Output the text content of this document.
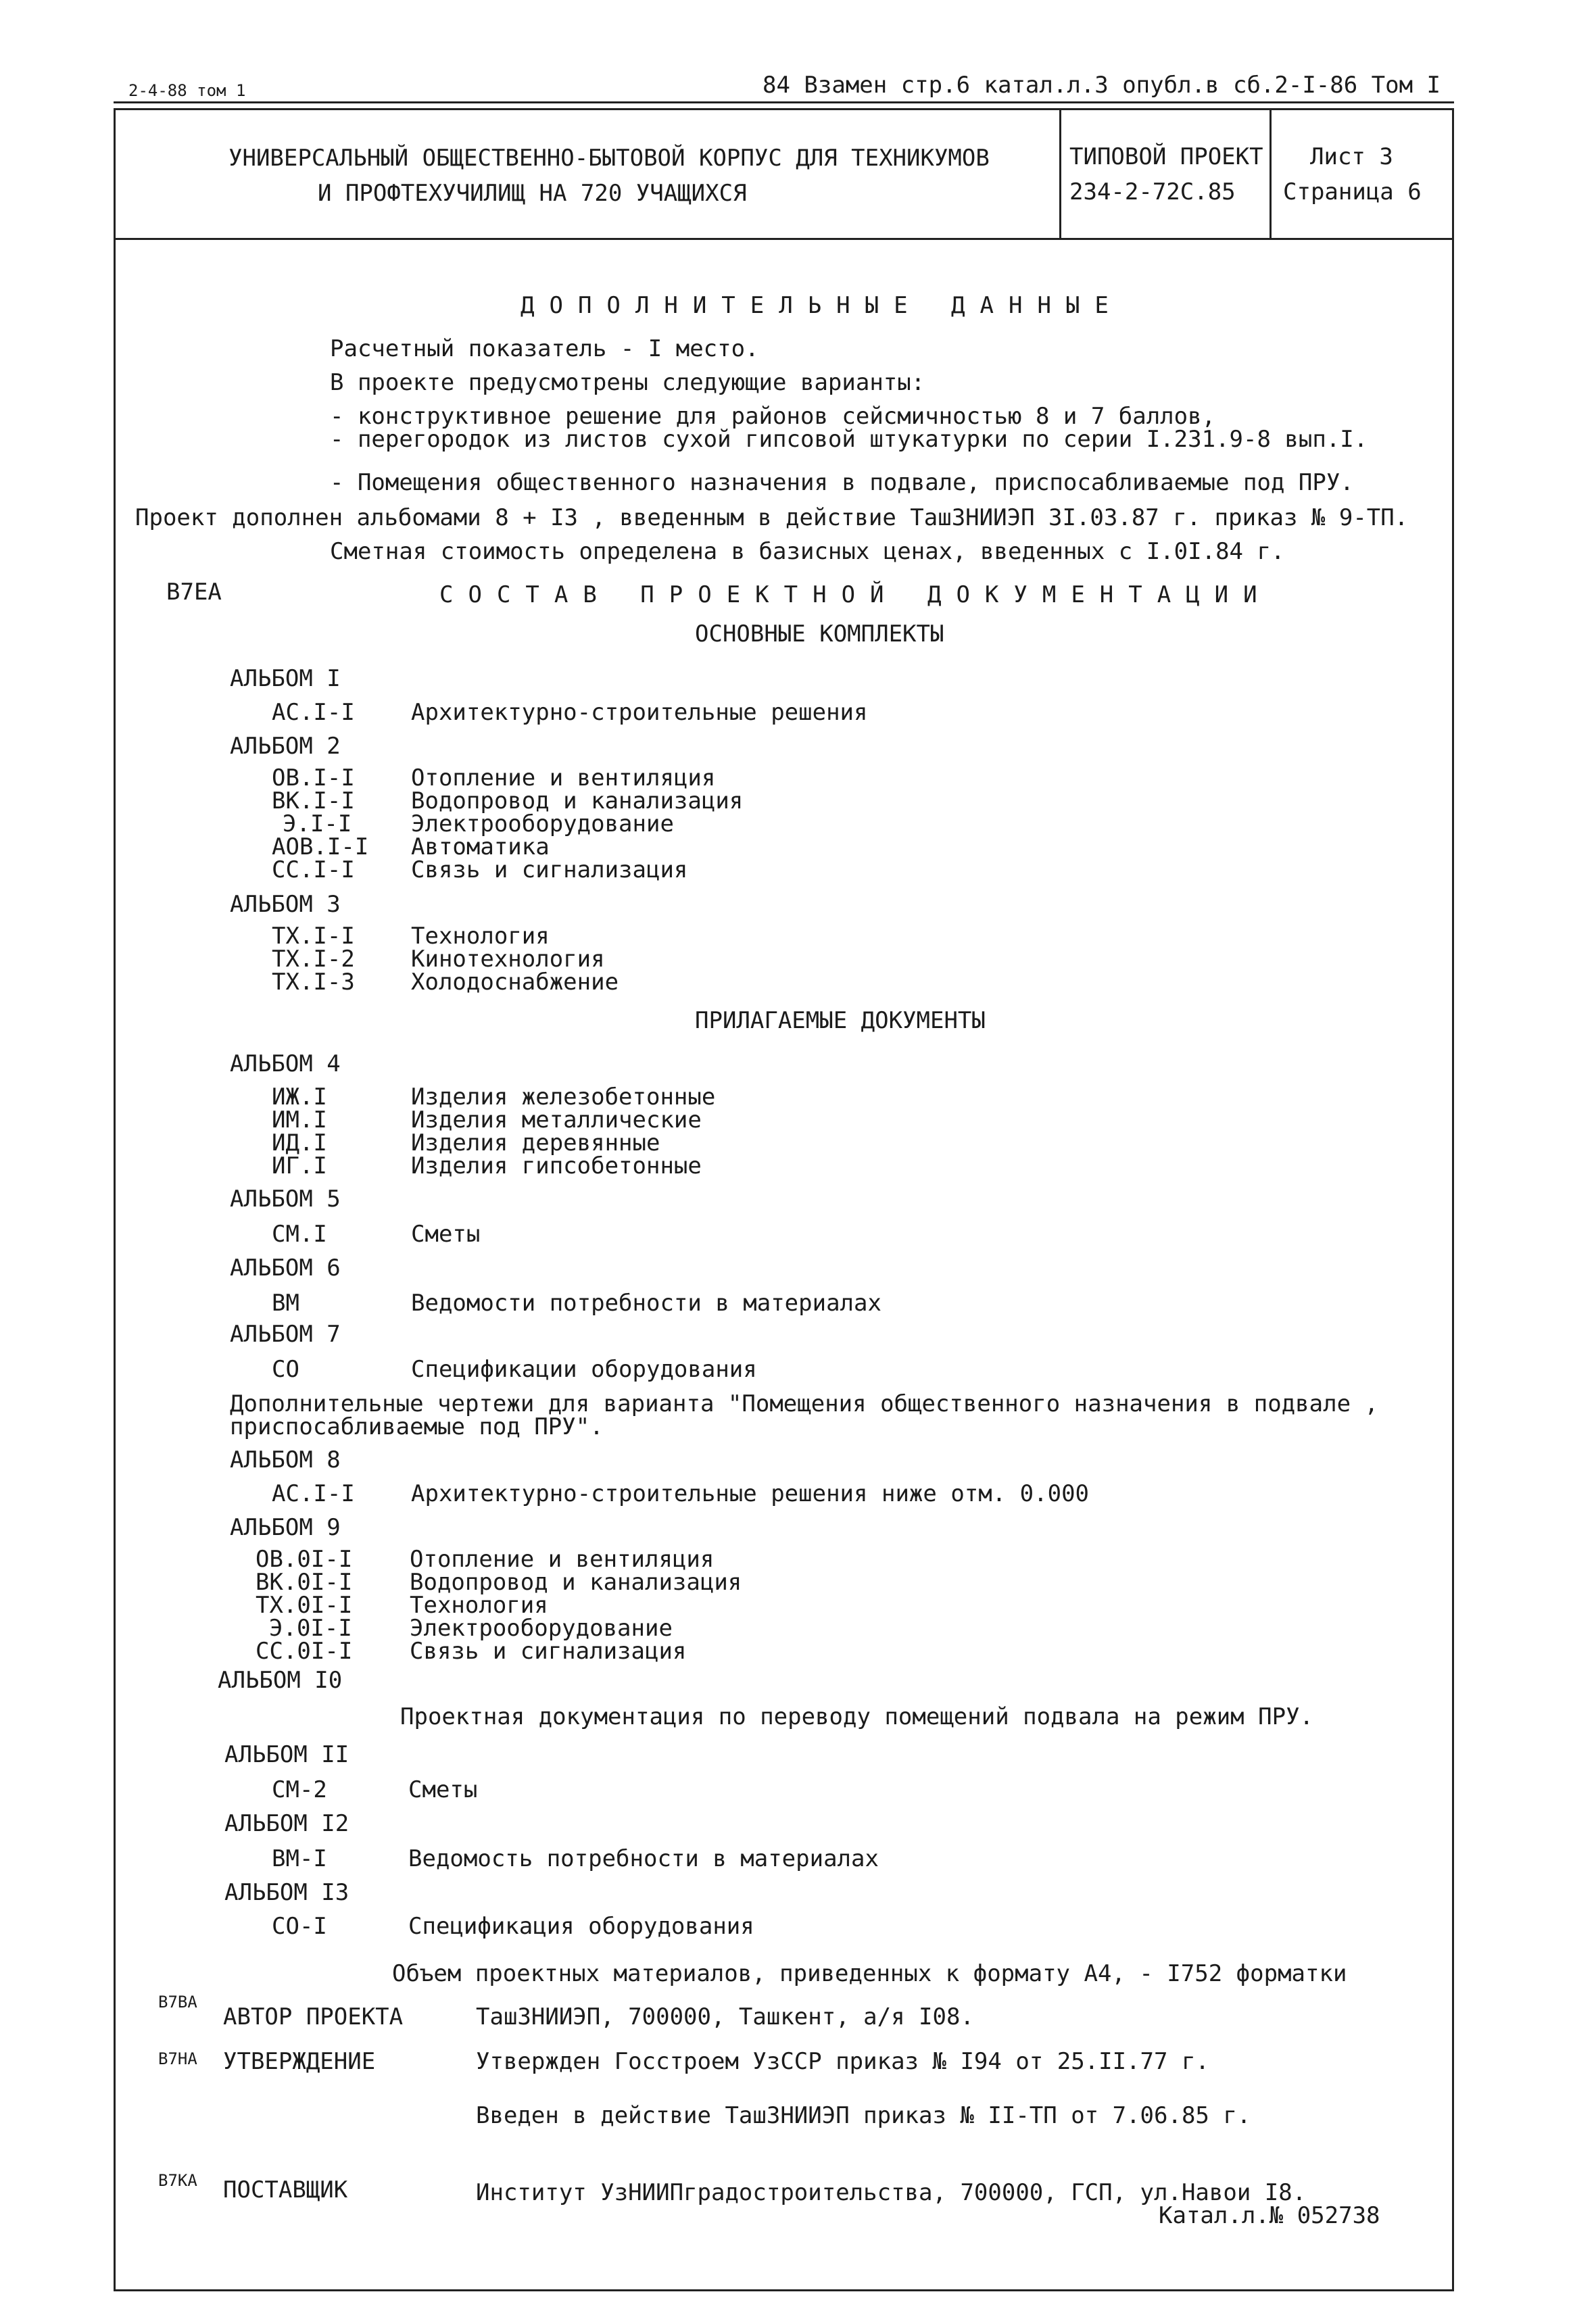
2-4-88 том 1	84 Взамен стр.6 катал.л.3 опубл.в сб.2-I-86 Том I
УНИВЕРСАЛЬНЫЙ ОБЩЕСТВЕННО-БЫТОВОЙ КОРПУС ДЛЯ ТЕХНИКУМОВ
И ПРОФТЕХУЧИЛИЩ НА 720 УЧАЩИХСЯ
ТИПОВОЙ ПРОЕКТ
234-2-72С.85
Лист 3
Страница 6
ДОПОЛНИТЕЛЬНЫЕ ДАННЫЕ
Расчетный показатель - I место.
В проекте предусмотрены следующие варианты:
- конструктивное решение для районов сейсмичностью 8 и 7 баллов,
- перегородок из листов сухой гипсовой штукатурки по серии I.231.9-8 вып.I.
- Помещения общественного назначения в подвале, приспосабливаемые под ПРУ.
Проект дополнен альбомами 8 + I3 , введенным в действие ТашЗНИИЭП 3I.03.87 г. приказ № 9-ТП.
Сметная стоимость определена в базисных ценах, введенных с I.0I.84 г.
В7ЕА	СОСТАВ ПРОЕКТНОЙ ДОКУМЕНТАЦИИ
ОСНОВНЫЕ КОМПЛЕКТЫ
АЛЬБОМ I
АС.I-I Архитектурно-строительные решения
АЛЬБОМ 2
ОВ.I-I Отопление и вентиляция
ВК.I-I Водопровод и канализация
Э.I-I	Электрооборудование
АОВ.I-I Автоматика
СС.I-I Связь и сигнализация
АЛЬБОМ 3
ТХ.I-I Технология
ТХ.I-2 Кинотехнология
ТХ.I-3 Холодоснабжение
ПРИЛАГАЕМЫЕ ДОКУМЕНТЫ
АЛЬБОМ 4
ИЖ.I	Изделия железобетонные
ИМ.I	Изделия металлические
ИД.I	Изделия деревянные
ИГ.I	Изделия гипсобетонные
АЛЬБОМ 5
СМ.I	Сметы
АЛЬБОМ 6
ВМ	Ведомости потребности в материалах
АЛЬБОМ 7
СО	Спецификации оборудования
Дополнительные чертежи для варианта "Помещения общественного назначения в подвале ,
приспосабливаемые под ПРУ".
АЛЬБОМ 8
АС.I-I Архитектурно-строительные решения ниже отм. 0.000
АЛЬБОМ 9
ОВ.0I-I Отопление и вентиляция
ВК.0I-I Водопровод и канализация
ТХ.0I-I Технология
Э.0I-I	Электрооборудование
СС.0I-I Связь и сигнализация
АЛЬБОМ I0
Проектная документация по переводу помещений подвала на режим ПРУ.
АЛЬБОМ II
СМ-2	Сметы
АЛЬБОМ I2
ВМ-I	Ведомость потребности в материалах
АЛЬБОМ I3
СО-I	Спецификация оборудования
Объем проектных материалов, приведенных к формату А4, - I752 форматки
В7ВА
АВТОР ПРОЕКТА	ТашЗНИИЭП, 700000, Ташкент, а/я I08.
В7НА УТВЕРЖДЕНИЕ	Утвержден Госстроем УзССР приказ № I94 от 25.II.77 г.
Введен в действие ТашЗНИИЭП приказ № II-ТП от 7.06.85 г.
В7КА ПОСТАВЩИК	Институт УзНИИПградостроительства, 700000, ГСП, ул.Навои I8.
Катал.л.№ 052738
